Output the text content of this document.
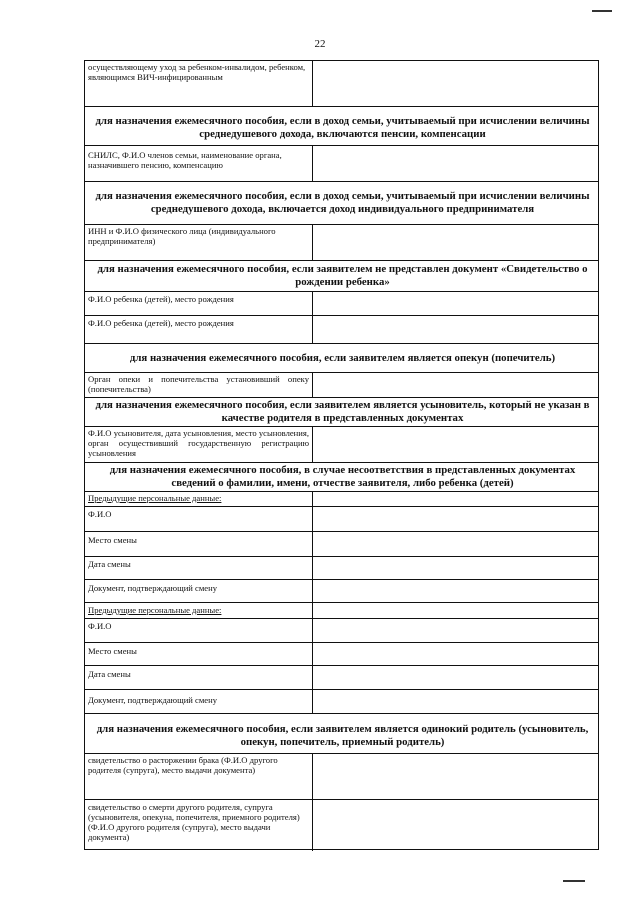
22
осуществляющему уход за ребенком-инвалидом, ребенком, являющимся ВИЧ-инфицированным
для назначения ежемесячного пособия, если в доход семьи, учитываемый при исчислении величины среднедушевого дохода, включаются пенсии, компенсации
СНИЛС, Ф.И.О членов семьи, наименование органа, назначившего пенсию, компенсацию
для назначения ежемесячного пособия, если в доход семьи, учитываемый при исчислении величины среднедушевого дохода, включается доход индивидуального предпринимателя
ИНН и Ф.И.О физического лица (индивидуального предпринимателя)
для назначения ежемесячного пособия, если заявителем не представлен документ «Свидетельство о рождении ребенка»
Ф.И.О ребенка (детей), место рождения
Ф.И.О ребенка (детей), место рождения
для назначения ежемесячного пособия, если заявителем является опекун (попечитель)
Орган опеки и попечительства установивший опеку (попечительства)
для назначения ежемесячного пособия, если заявителем является усыновитель, который не указан в качестве родителя в представленных документах
Ф.И.О усыновителя, дата усыновления, место усыновления, орган осуществивший государственную регистрацию усыновления
для назначения ежемесячного пособия, в случае несоответствия в представленных документах сведений о фамилии, имени, отчестве заявителя, либо ребенка (детей)
Предыдущие персональные данные:
Ф.И.О
Место смены
Дата смены
Документ, подтверждающий смену
Предыдущие персональные данные:
Ф.И.О
Место смены
Дата смены
Документ, подтверждающий смену
для назначения ежемесячного пособия, если заявителем является одинокий родитель (усыновитель, опекун, попечитель, приемный родитель)
свидетельство о расторжении брака (Ф.И.О другого родителя (супруга), место выдачи документа)
свидетельство о смерти другого родителя, супруга (усыновителя, опекуна, попечителя, приемного родителя) (Ф.И.О другого родителя (супруга), место выдачи документа)
